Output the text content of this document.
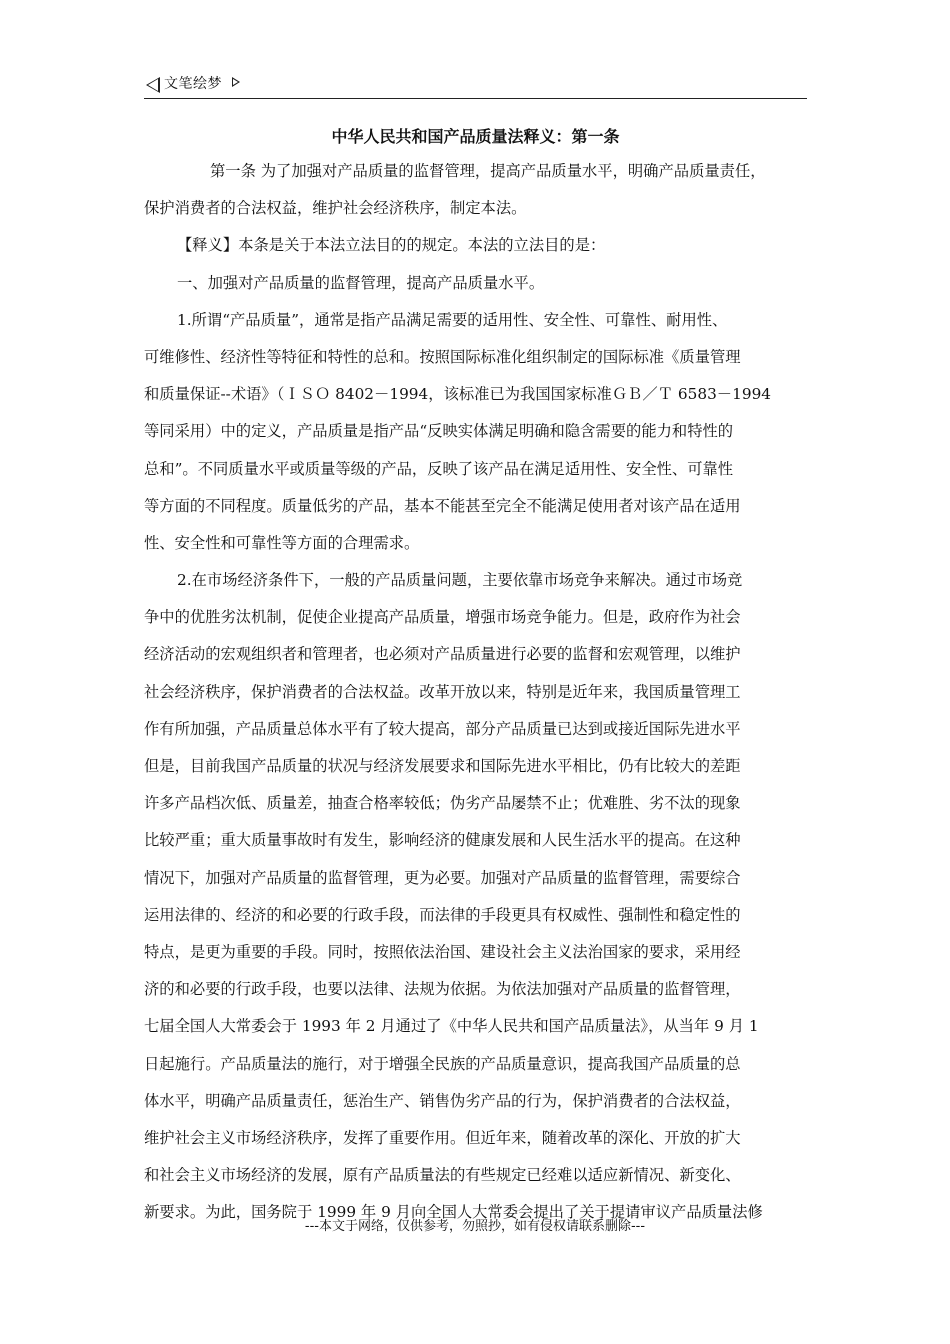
文笔绘梦
中华人民共和国产品质量法释义：第一条
第一条 为了加强对产品质量的监督管理，提高产品质量水平，明确产品质量责任，
保护消费者的合法权益，维护社会经济秩序，制定本法。
【释义】本条是关于本法立法目的的规定。本法的立法目的是：
一、加强对产品质量的监督管理，提高产品质量水平。
1.所谓“产品质量”，通常是指产品满足需要的适用性、安全性、可靠性、耐用性、
可维修性、经济性等特征和特性的总和。按照国际标准化组织制定的国际标准《质量管理
和质量保证--术语》（ＩＳＯ 8402－1994，该标准已为我国国家标准ＧＢ／Ｔ 6583－1994
等同采用）中的定义，产品质量是指产品“反映实体满足明确和隐含需要的能力和特性的
总和”。不同质量水平或质量等级的产品，反映了该产品在满足适用性、安全性、可靠性
等方面的不同程度。质量低劣的产品，基本不能甚至完全不能满足使用者对该产品在适用
性、安全性和可靠性等方面的合理需求。
2.在市场经济条件下，一般的产品质量问题，主要依靠市场竞争来解决。通过市场竞
争中的优胜劣汰机制，促使企业提高产品质量，增强市场竞争能力。但是，政府作为社会
经济活动的宏观组织者和管理者，也必须对产品质量进行必要的监督和宏观管理，以维护
社会经济秩序，保护消费者的合法权益。改革开放以来，特别是近年来，我国质量管理工
作有所加强，产品质量总体水平有了较大提高，部分产品质量已达到或接近国际先进水平
但是，目前我国产品质量的状况与经济发展要求和国际先进水平相比，仍有比较大的差距
许多产品档次低、质量差，抽查合格率较低；伪劣产品屡禁不止；优难胜、劣不汰的现象
比较严重；重大质量事故时有发生，影响经济的健康发展和人民生活水平的提高。在这种
情况下，加强对产品质量的监督管理，更为必要。加强对产品质量的监督管理，需要综合
运用法律的、经济的和必要的行政手段，而法律的手段更具有权威性、强制性和稳定性的
特点，是更为重要的手段。同时，按照依法治国、建设社会主义法治国家的要求，采用经
济的和必要的行政手段，也要以法律、法规为依据。为依法加强对产品质量的监督管理，
七届全国人大常委会于 1993 年 2 月通过了《中华人民共和国产品质量法》，从当年 9 月 1
日起施行。产品质量法的施行，对于增强全民族的产品质量意识，提高我国产品质量的总
体水平，明确产品质量责任，惩治生产、销售伪劣产品的行为，保护消费者的合法权益，
维护社会主义市场经济秩序，发挥了重要作用。但近年来，随着改革的深化、开放的扩大
和社会主义市场经济的发展，原有产品质量法的有些规定已经难以适应新情况、新变化、
新要求。为此，国务院于 1999 年 9 月向全国人大常委会提出了关于提请审议产品质量法修
---本文于网络，仅供参考，勿照抄，如有侵权请联系删除---
